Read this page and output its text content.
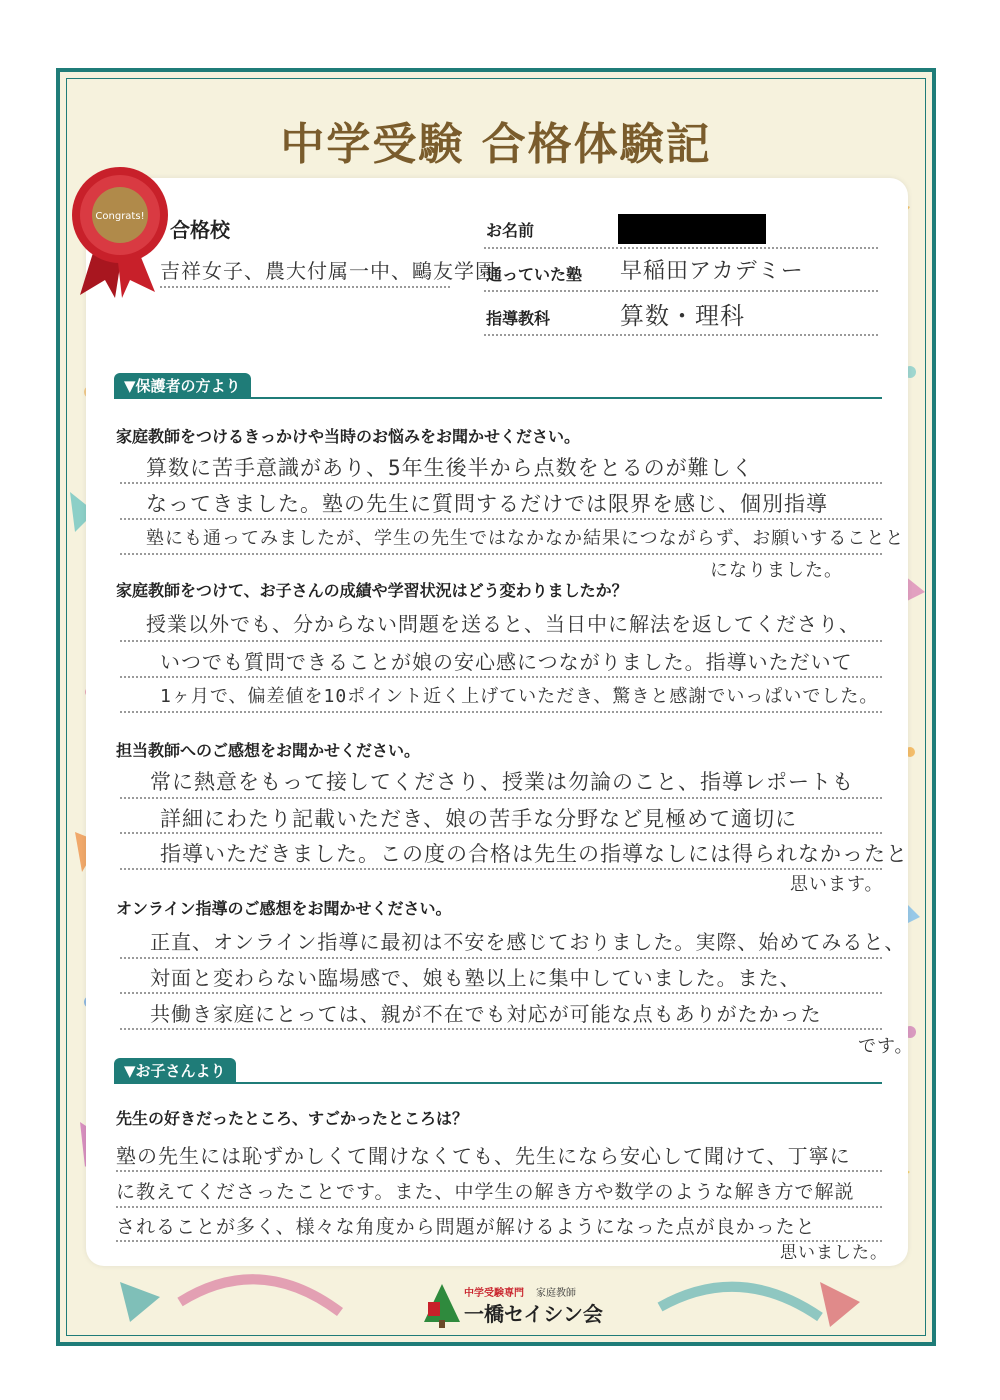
中学受験 合格体験記
Congrats!
合格校
吉祥女子、農大付属一中、鷗友学園
お名前
通っていた塾 早稲田アカデミー
指導教科	算数・理科
▼保護者の方より
家庭教師をつけるきっかけや当時のお悩みをお聞かせください。
算数に苦手意識があり、5年生後半から点数をとるのが難しく
なってきました。塾の先生に質問するだけでは限界を感じ、個別指導
塾にも通ってみましたが、学生の先生ではなかなか結果につながらず、お願いすることと
になりました。
家庭教師をつけて、お子さんの成績や学習状況はどう変わりましたか？
授業以外でも、分からない問題を送ると、当日中に解法を返してくださり、
いつでも質問できることが娘の安心感につながりました。指導いただいて
1ヶ月で、偏差値を10ポイント近く上げていただき、驚きと感謝でいっぱいでした。
担当教師へのご感想をお聞かせください。
常に熱意をもって接してくださり、授業は勿論のこと、指導レポートも
詳細にわたり記載いただき、娘の苦手な分野など見極めて適切に
指導いただきました。この度の合格は先生の指導なしには得られなかったと
思います。
オンライン指導のご感想をお聞かせください。
正直、オンライン指導に最初は不安を感じておりました。実際、始めてみると、
対面と変わらない臨場感で、娘も塾以上に集中していました。また、
共働き家庭にとっては、親が不在でも対応が可能な点もありがたかった
です。
▼お子さんより
先生の好きだったところ、すごかったところは？
塾の先生には恥ずかしくて聞けなくても、先生になら安心して聞けて、丁寧に
に教えてくださったことです。また、中学生の解き方や数学のような解き方で解説
されることが多く、様々な角度から問題が解けるようになった点が良かったと
思いました。
中学受験専門 家庭教師
一橋セイシン会
